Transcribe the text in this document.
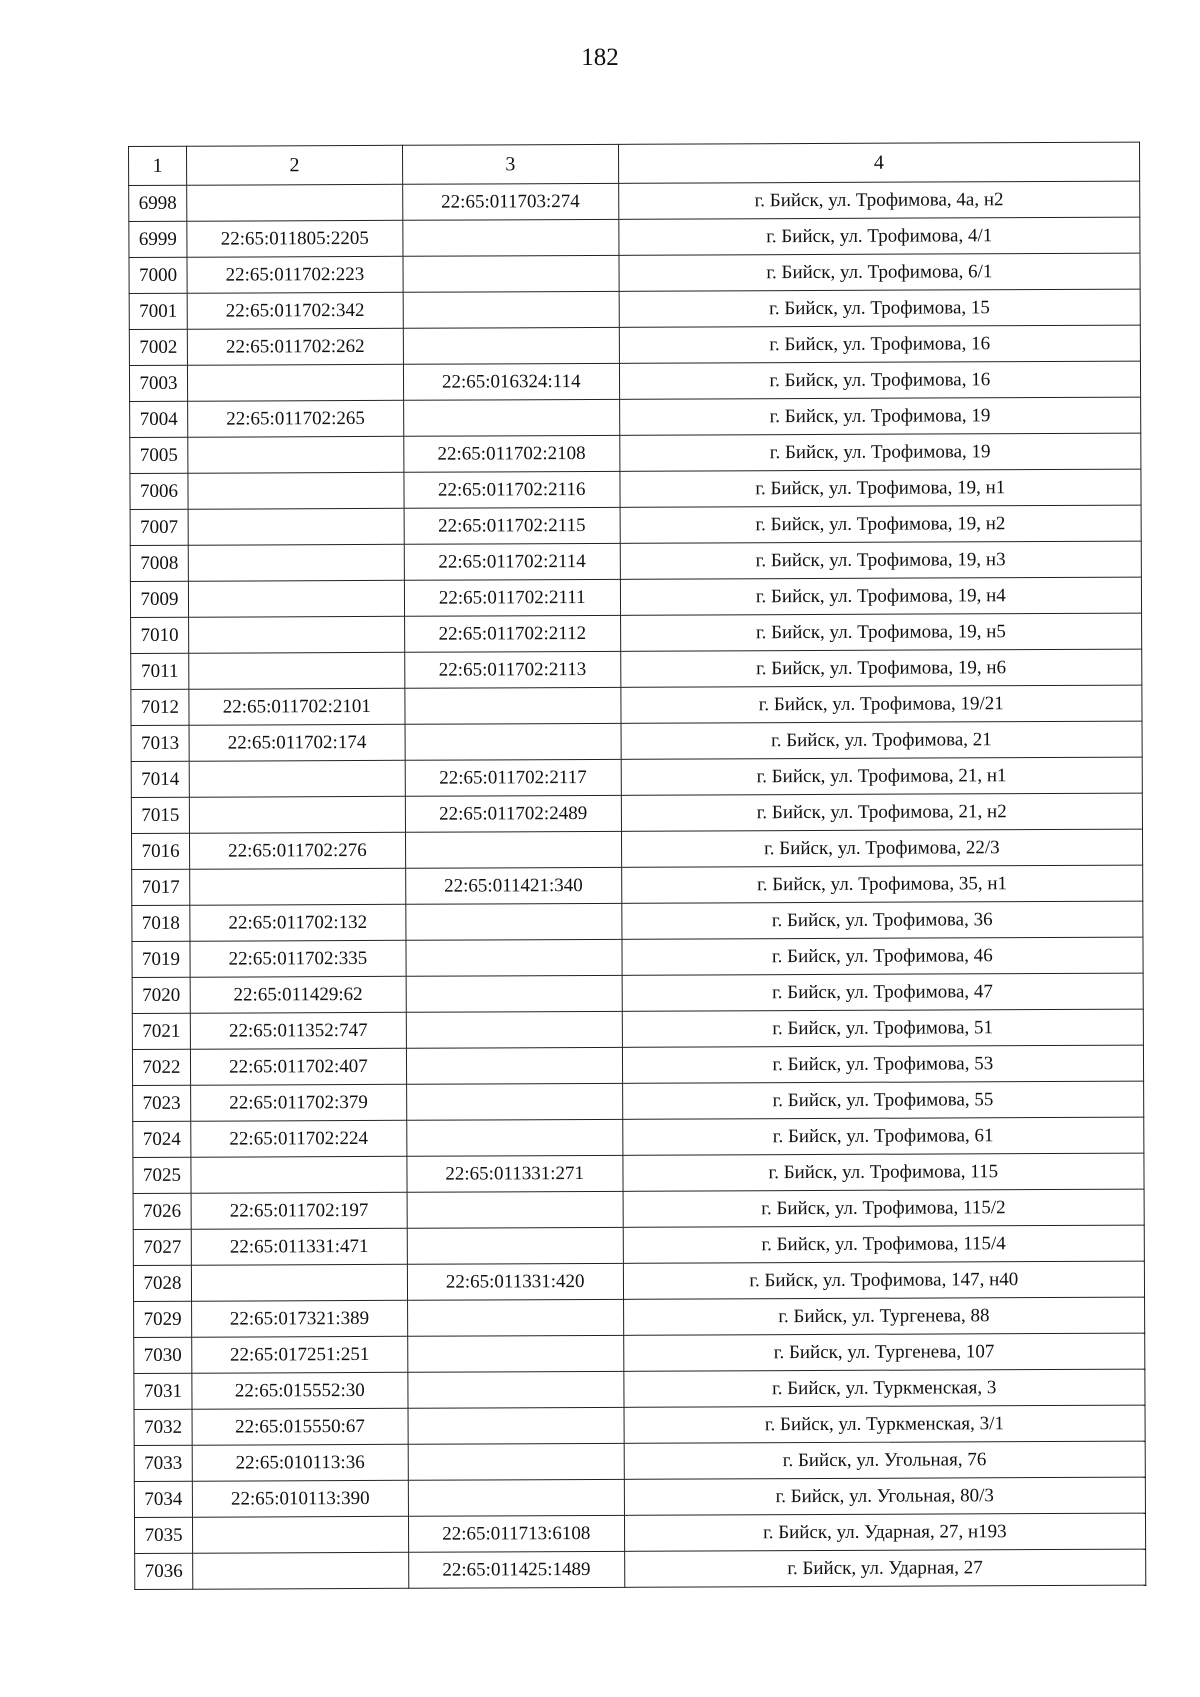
182
1	2	3	4
6998		22:65:011703:274	г. Бийск, ул. Трофимова, 4а, н2
6999	22:65:011805:2205		г. Бийск, ул. Трофимова, 4/1
7000	22:65:011702:223		г. Бийск, ул. Трофимова, 6/1
7001	22:65:011702:342		г. Бийск, ул. Трофимова, 15
7002	22:65:011702:262		г. Бийск, ул. Трофимова, 16
7003		22:65:016324:114	г. Бийск, ул. Трофимова, 16
7004	22:65:011702:265		г. Бийск, ул. Трофимова, 19
7005		22:65:011702:2108	г. Бийск, ул. Трофимова, 19
7006		22:65:011702:2116	г. Бийск, ул. Трофимова, 19, н1
7007		22:65:011702:2115	г. Бийск, ул. Трофимова, 19, н2
7008		22:65:011702:2114	г. Бийск, ул. Трофимова, 19, н3
7009		22:65:011702:2111	г. Бийск, ул. Трофимова, 19, н4
7010		22:65:011702:2112	г. Бийск, ул. Трофимова, 19, н5
7011		22:65:011702:2113	г. Бийск, ул. Трофимова, 19, н6
7012	22:65:011702:2101		г. Бийск, ул. Трофимова, 19/21
7013	22:65:011702:174		г. Бийск, ул. Трофимова, 21
7014		22:65:011702:2117	г. Бийск, ул. Трофимова, 21, н1
7015		22:65:011702:2489	г. Бийск, ул. Трофимова, 21, н2
7016	22:65:011702:276		г. Бийск, ул. Трофимова, 22/3
7017		22:65:011421:340	г. Бийск, ул. Трофимова, 35, н1
7018	22:65:011702:132		г. Бийск, ул. Трофимова, 36
7019	22:65:011702:335		г. Бийск, ул. Трофимова, 46
7020	22:65:011429:62		г. Бийск, ул. Трофимова, 47
7021	22:65:011352:747		г. Бийск, ул. Трофимова, 51
7022	22:65:011702:407		г. Бийск, ул. Трофимова, 53
7023	22:65:011702:379		г. Бийск, ул. Трофимова, 55
7024	22:65:011702:224		г. Бийск, ул. Трофимова, 61
7025		22:65:011331:271	г. Бийск, ул. Трофимова, 115
7026	22:65:011702:197		г. Бийск, ул. Трофимова, 115/2
7027	22:65:011331:471		г. Бийск, ул. Трофимова, 115/4
7028		22:65:011331:420	г. Бийск, ул. Трофимова, 147, н40
7029	22:65:017321:389		г. Бийск, ул. Тургенева, 88
7030	22:65:017251:251		г. Бийск, ул. Тургенева, 107
7031	22:65:015552:30		г. Бийск, ул. Туркменская, 3
7032	22:65:015550:67		г. Бийск, ул. Туркменская, 3/1
7033	22:65:010113:36		г. Бийск, ул. Угольная, 76
7034	22:65:010113:390		г. Бийск, ул. Угольная, 80/3
7035		22:65:011713:6108	г. Бийск, ул. Ударная, 27, н193
7036		22:65:011425:1489	г. Бийск, ул. Ударная, 27
